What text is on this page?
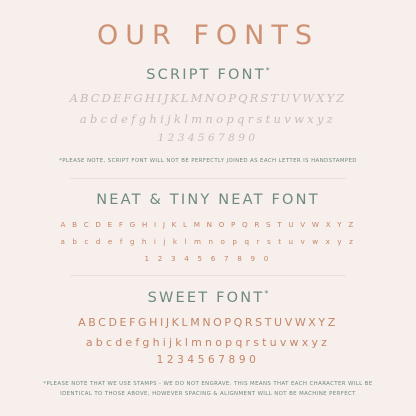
OUR FONTS
SCRIPT FONT*
ABCDEFGHIJKLMNOPQRSTUVWXYZ
abcdefghijklmnopqrstuvwxyz
1234567890
*PLEASE NOTE, SCRIPT FONT WILL NOT BE PERFECTLY JOINED AS EACH LETTER IS HANDSTAMPED
NEAT & TINY NEAT FONT
A B C D E F G H I J K L M N O P Q R S T U V W X Y Z
a b c d e f g h i j k l m n o p q r s t u v w x y z
1 2 3 4 5 6 7 8 9 0
SWEET FONT*
ABCDEFGHIJKLMNOPQRSTUVWXYZ
abcdefghijklmnopqrstuvwxyz
1234567890
*PLEASE NOTE THAT WE USE STAMPS - WE DO NOT ENGRAVE. THIS MEANS THAT EACH CHARACTER WILL BE
IDENTICAL TO THOSE ABOVE, HOWEVER SPACING & ALIGNMENT WILL NOT BE MACHINE PERFECT
